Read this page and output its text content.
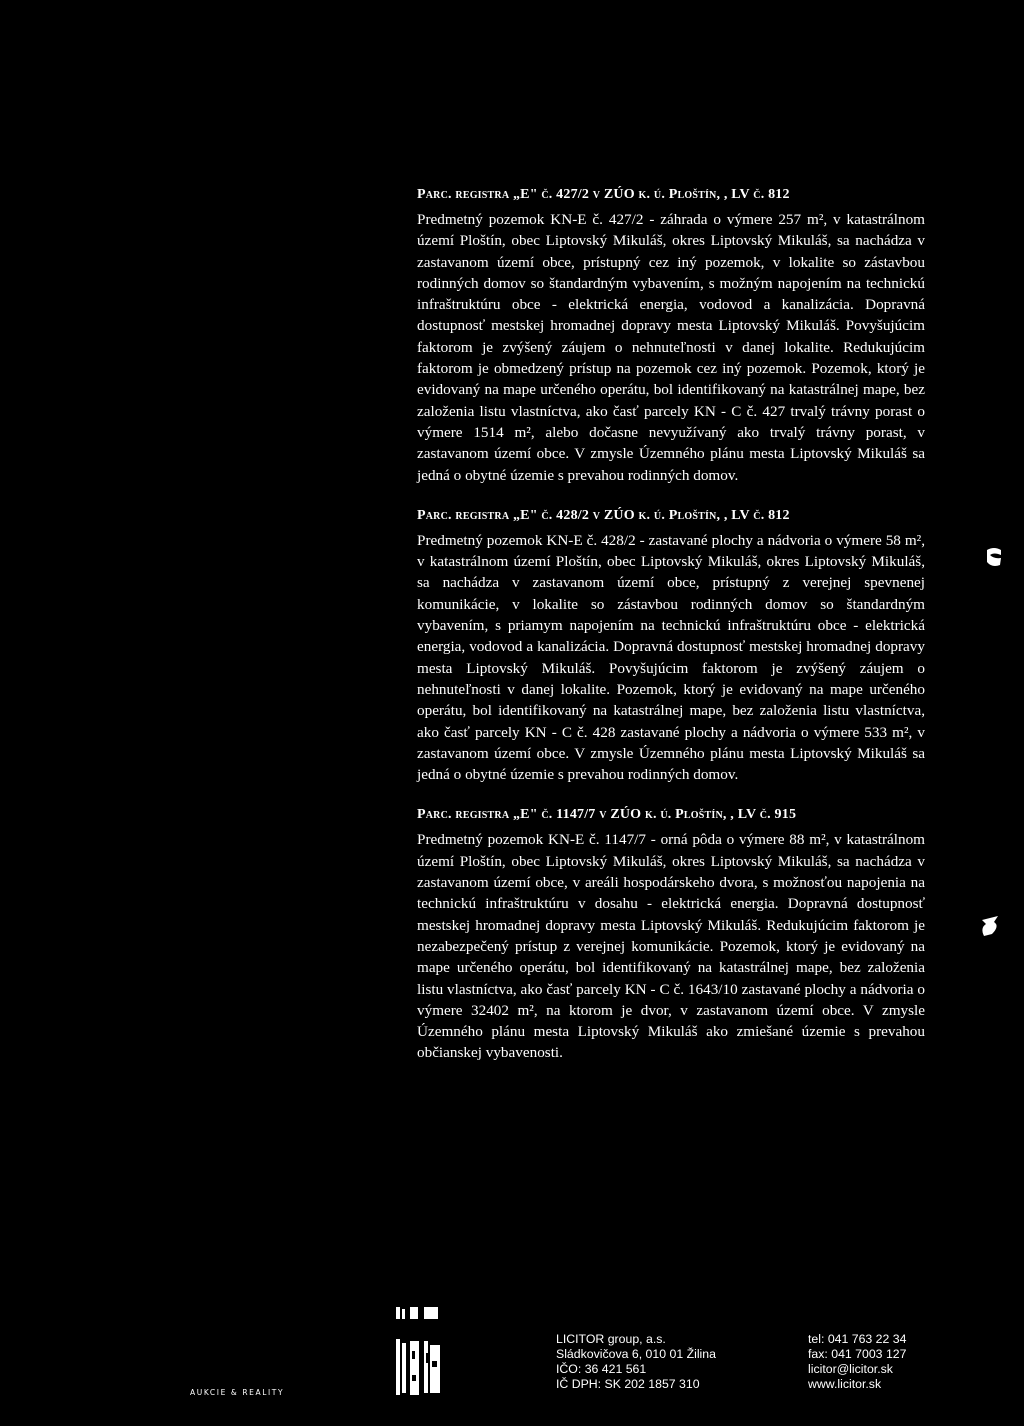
Parc. registra „E" č. 427/2 v ZÚO k. ú. Ploštín, , LV č. 812

Predmetný pozemok KN-E č. 427/2 - záhrada o výmere 257 m², v katastrálnom území Ploštín, obec Liptovský Mikuláš, okres Liptovský Mikuláš, sa nachádza v zastavanom území obce, prístupný cez iný pozemok, v lokalite so zástavbou rodinných domov so štandardným vybavením, s možným napojením na technickú infraštruktúru obce - elektrická energia, vodovod a kanalizácia. Dopravná dostupnosť mestskej hromadnej dopravy mesta Liptovský Mikuláš. Povyšujúcim faktorom je zvýšený záujem o nehnuteľnosti v danej lokalite. Redukujúcim faktorom je obmedzený prístup na pozemok cez iný pozemok. Pozemok, ktorý je evidovaný na mape určeného operátu, bol identifikovaný na katastrálnej mape, bez založenia listu vlastníctva, ako časť parcely KN - C č. 427 trvalý trávny porast o výmere 1514 m², alebo dočasne nevyužívaný ako trvalý trávny porast, v zastavanom území obce. V zmysle Územného plánu mesta Liptovský Mikuláš sa jedná o obytné územie s prevahou rodinných domov.

Parc. registra „E" č. 428/2 v ZÚO k. ú. Ploštín, , LV č. 812

Predmetný pozemok KN-E č. 428/2 - zastavané plochy a nádvoria o výmere 58 m², v katastrálnom území Ploštín, obec Liptovský Mikuláš, okres Liptovský Mikuláš, sa nachádza v zastavanom území obce, prístupný z verejnej spevnenej komunikácie, v lokalite so zástavbou rodinných domov so štandardným vybavením, s priamym napojením na technickú infraštruktúru obce - elektrická energia, vodovod a kanalizácia. Dopravná dostupnosť mestskej hromadnej dopravy mesta Liptovský Mikuláš. Povyšujúcim faktorom je zvýšený záujem o nehnuteľnosti v danej lokalite. Pozemok, ktorý je evidovaný na mape určeného operátu, bol identifikovaný na katastrálnej mape, bez založenia listu vlastníctva, ako časť parcely KN - C č. 428 zastavané plochy a nádvoria o výmere 533 m², v zastavanom území obce. V zmysle Územného plánu mesta Liptovský Mikuláš sa jedná o obytné územie s prevahou rodinných domov.

Parc. registra „E" č. 1147/7 v ZÚO k. ú. Ploštín, , LV č. 915

Predmetný pozemok KN-E č. 1147/7 - orná pôda o výmere 88 m², v katastrálnom území Ploštín, obec Liptovský Mikuláš, okres Liptovský Mikuláš, sa nachádza v zastavanom území obce, v areáli hospodárskeho dvora, s možnosťou napojenia na technickú infraštruktúru v dosahu - elektrická energia. Dopravná dostupnosť mestskej hromadnej dopravy mesta Liptovský Mikuláš. Redukujúcim faktorom je nezabezpečený prístup z verejnej komunikácie. Pozemok, ktorý je evidovaný na mape určeného operátu, bol identifikovaný na katastrálnej mape, bez založenia listu vlastníctva, ako časť parcely KN - C č. 1643/10 zastavané plochy a nádvoria o výmere 32402 m², na ktorom je dvor, v zastavanom území obce. V zmysle Územného plánu mesta Liptovský Mikuláš ako zmiešané územie s prevahou občianskej vybavenosti.

AUKCIE & REALITY
LICITOR group, a.s.
Sládkovičova 6, 010 01 Žilina
IČO: 36 421 561
IČ DPH: SK 202 1857 310
tel: 041 763 22 34
fax: 041 7003 127
licitor@licitor.sk
www.licitor.sk
